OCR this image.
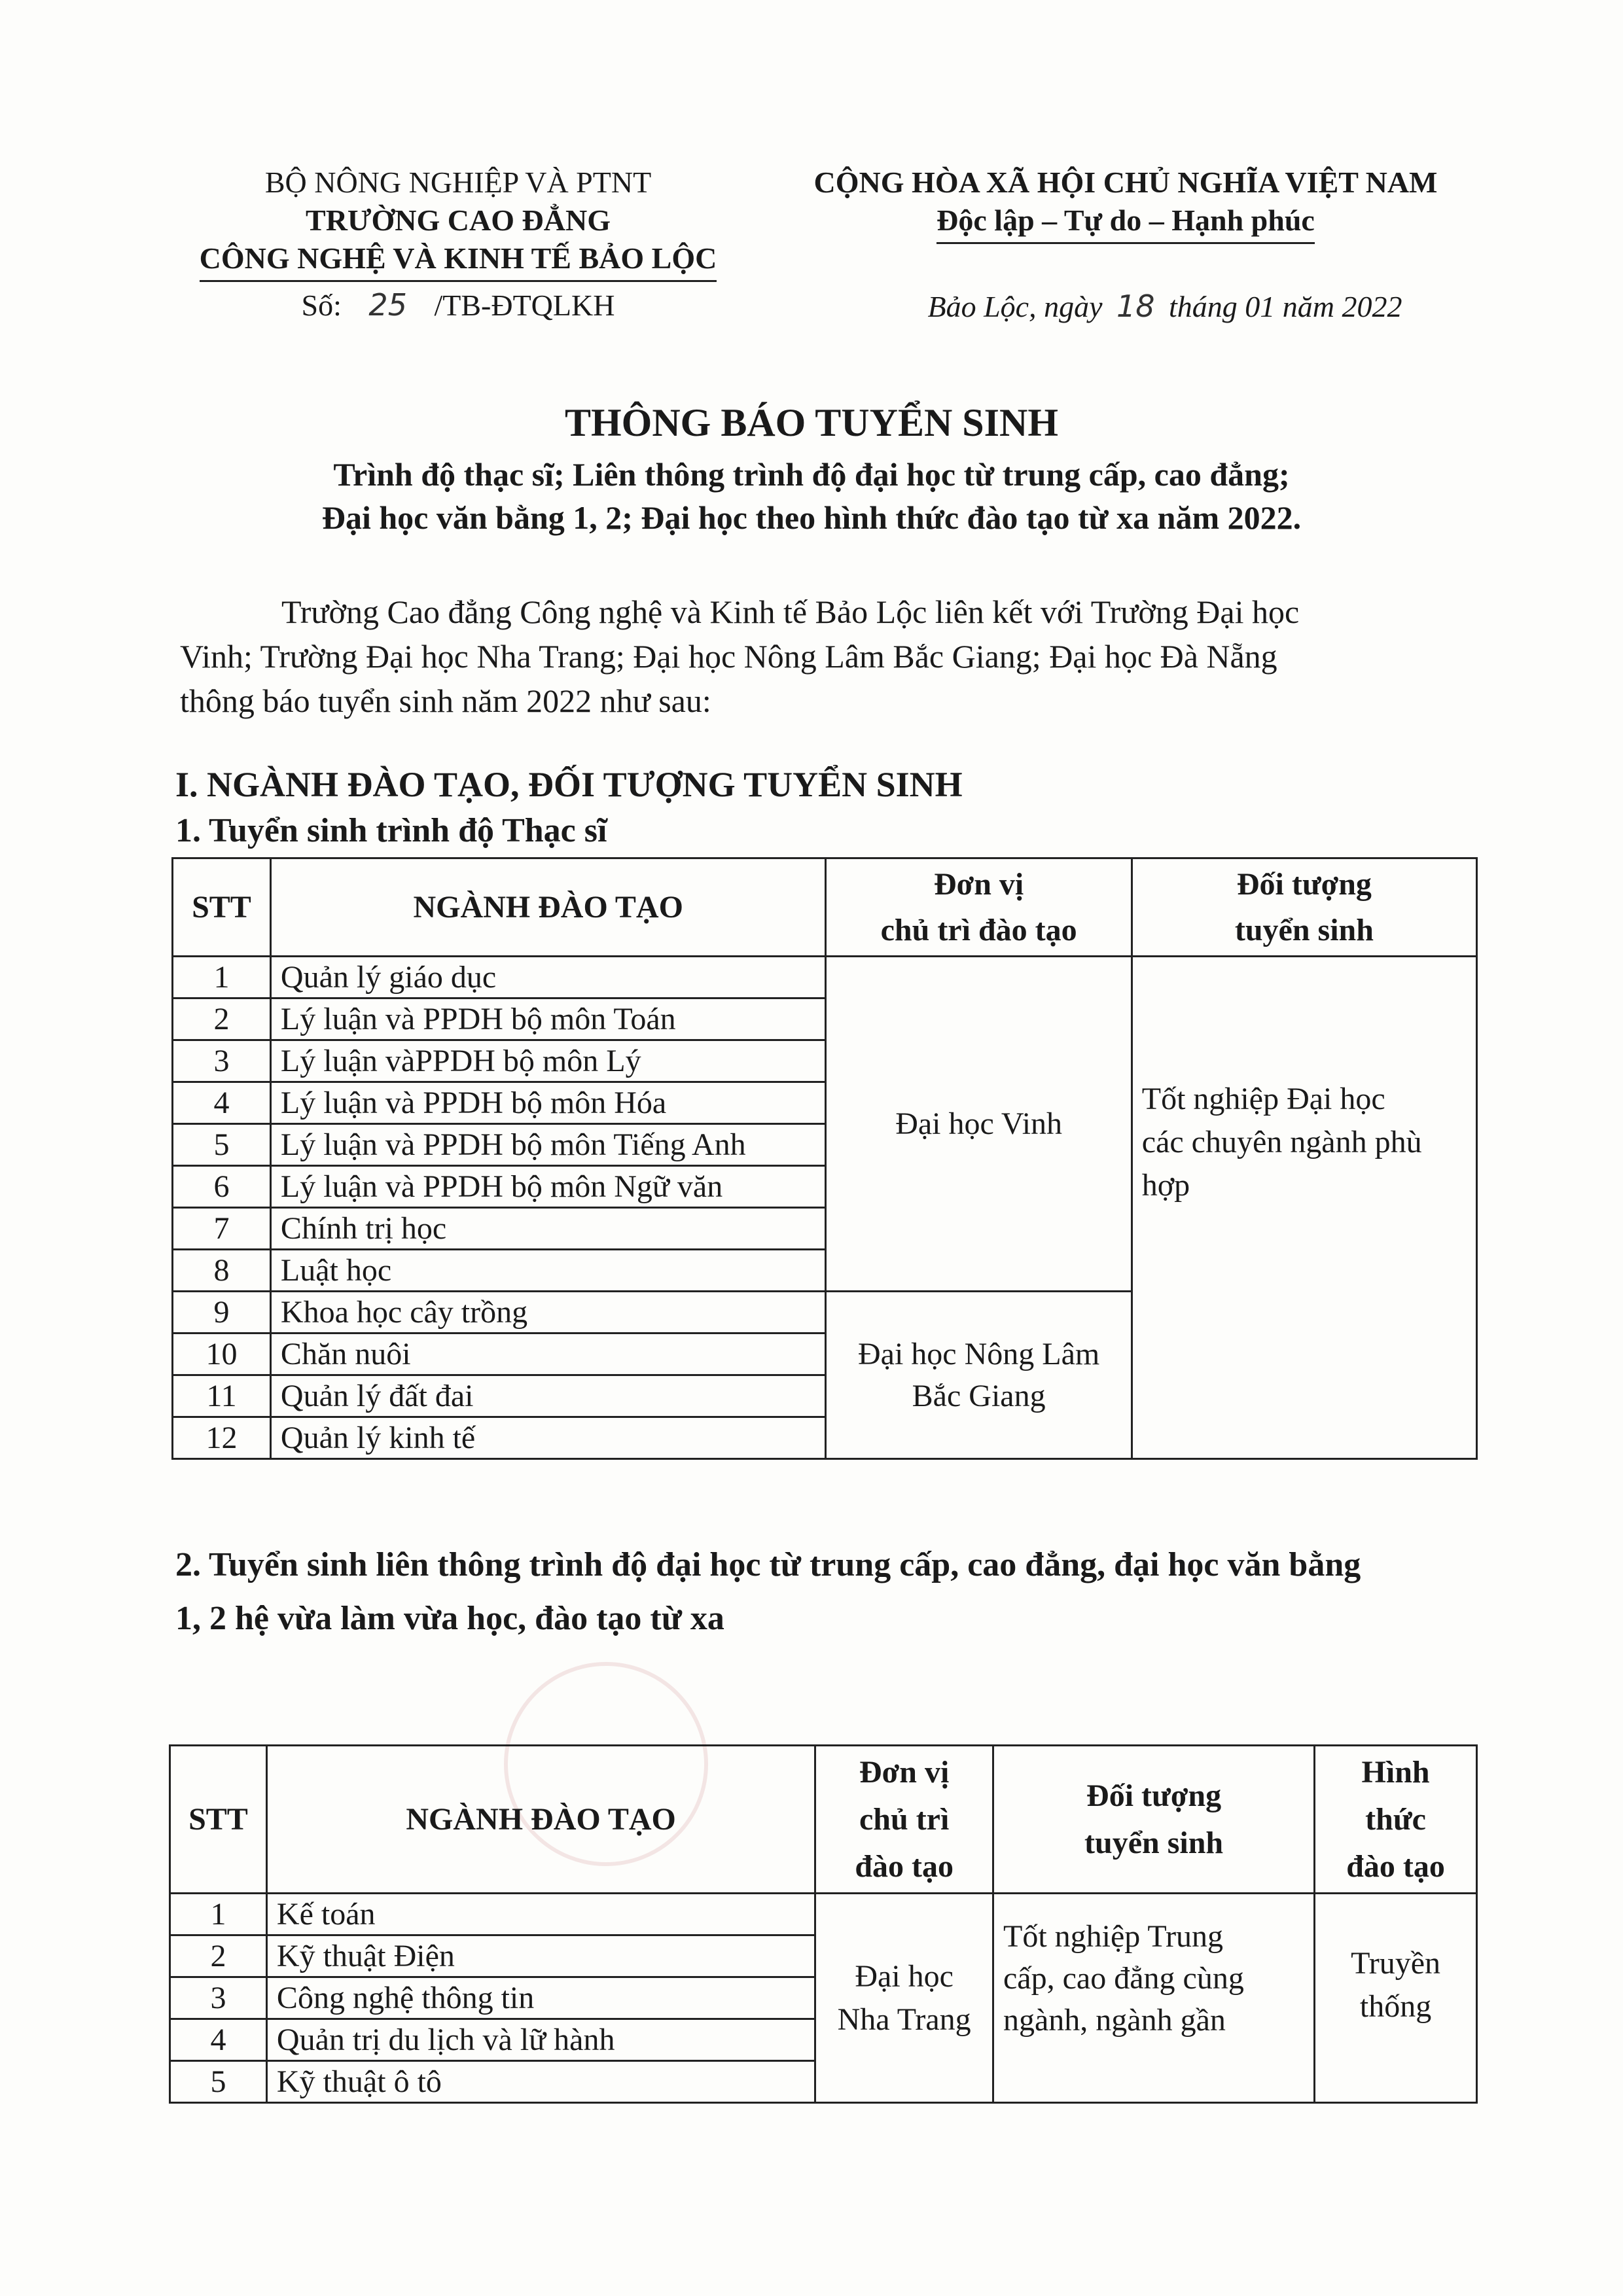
BỘ NÔNG NGHIỆP VÀ PTNT
TRƯỜNG CAO ĐẲNG
CÔNG NGHỆ VÀ KINH TẾ BẢO LỘC
Số: 25 /TB-ĐTQLKH
CỘNG HÒA XÃ HỘI CHỦ NGHĨA VIỆT NAM
Độc lập – Tự do – Hạnh phúc
Bảo Lộc, ngày 18 tháng 01 năm 2022
THÔNG BÁO TUYỂN SINH
Trình độ thạc sĩ; Liên thông trình độ đại học từ trung cấp, cao đẳng;
Đại học văn bằng 1, 2; Đại học theo hình thức đào tạo từ xa năm 2022.
Trường Cao đẳng Công nghệ và Kinh tế Bảo Lộc liên kết với Trường Đại học
Vinh; Trường Đại học Nha Trang; Đại học Nông Lâm Bắc Giang; Đại học Đà Nẵng
thông báo tuyển sinh năm 2022 như sau:
I. NGÀNH ĐÀO TẠO, ĐỐI TƯỢNG TUYỂN SINH
1. Tuyển sinh trình độ Thạc sĩ
STT	NGÀNH ĐÀO TẠO	Đơn vị
chủ trì đào tạo	Đối tượng
tuyển sinh
1	Quản lý giáo dục	Đại học Vinh	Tốt nghiệp Đại học
các chuyên ngành phù
hợp
2	Lý luận và PPDH bộ môn Toán		
3	Lý luận vàPPDH bộ môn Lý		
4	Lý luận và PPDH bộ môn Hóa		
5	Lý luận và PPDH bộ môn Tiếng Anh		
6	Lý luận và PPDH bộ môn Ngữ văn		
7	Chính trị học		
8	Luật học		
9	Khoa học cây trồng	Đại học Nông Lâm
Bắc Giang	
10	Chăn nuôi		
11	Quản lý đất đai		
12	Quản lý kinh tế		
2. Tuyển sinh liên thông trình độ đại học từ trung cấp, cao đẳng, đại học văn bằng
1, 2 hệ vừa làm vừa học, đào tạo từ xa
STT	NGÀNH ĐÀO TẠO	Đơn vị
chủ trì
đào tạo	Đối tượng
tuyển sinh	Hình
thức
đào tạo
1	Kế toán	Đại học
Nha Trang	Tốt nghiệp Trung
cấp, cao đẳng cùng
ngành, ngành gần	Truyền
thống
2	Kỹ thuật Điện			
3	Công nghệ thông tin			
4	Quản trị du lịch và lữ hành			
5	Kỹ thuật ô tô			
